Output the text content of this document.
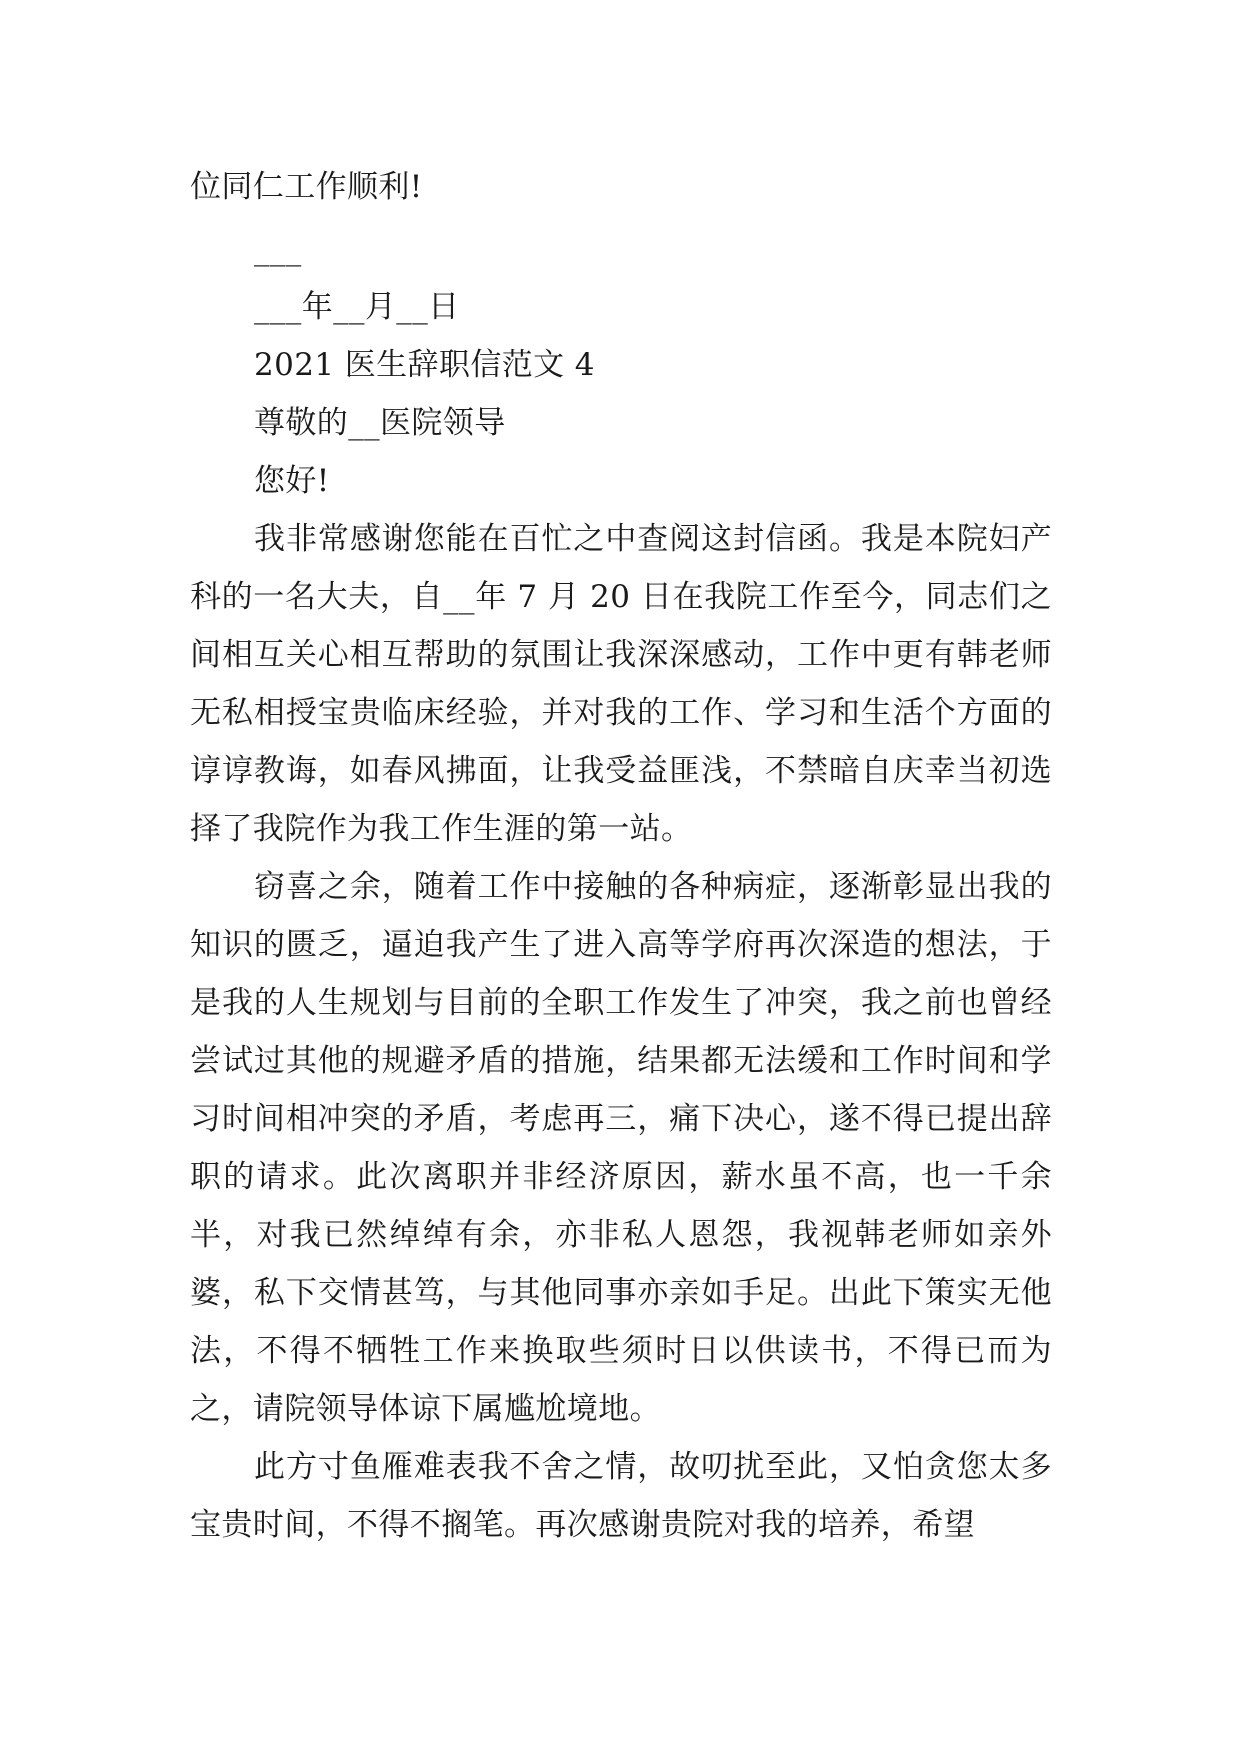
位同仁工作顺利!
___
___年__月__日
2021 医生辞职信范文 4
尊敬的__医院领导
您好!

我非常感谢您能在百忙之中查阅这封信函。我是本院妇产科的一名大夫，自__年 7 月 20 日在我院工作至今，同志们之间相互关心相互帮助的氛围让我深深感动，工作中更有韩老师无私相授宝贵临床经验，并对我的工作、学习和生活个方面的谆谆教诲，如春风拂面，让我受益匪浅，不禁暗自庆幸当初选择了我院作为我工作生涯的第一站。

窃喜之余，随着工作中接触的各种病症，逐渐彰显出我的知识的匮乏，逼迫我产生了进入高等学府再次深造的想法，于是我的人生规划与目前的全职工作发生了冲突，我之前也曾经尝试过其他的规避矛盾的措施，结果都无法缓和工作时间和学习时间相冲突的矛盾，考虑再三，痛下决心，遂不得已提出辞职的请求。此次离职并非经济原因，薪水虽不高，也一千余半，对我已然绰绰有余，亦非私人恩怨，我视韩老师如亲外婆，私下交情甚笃，与其他同事亦亲如手足。出此下策实无他法，不得不牺牲工作来换取些须时日以供读书，不得已而为之，请院领导体谅下属尴尬境地。

此方寸鱼雁难表我不舍之情，故叨扰至此，又怕贪您太多宝贵时间，不得不搁笔。再次感谢贵院对我的培养，希望
